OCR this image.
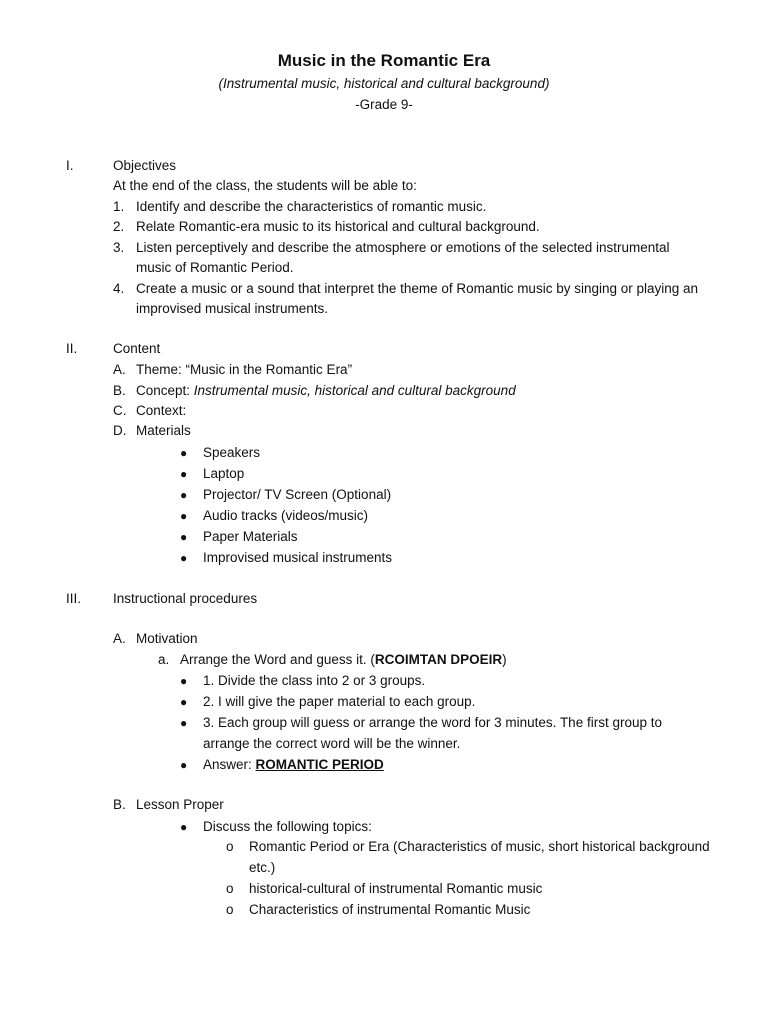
Music in the Romantic Era
(Instrumental music, historical and cultural background)
-Grade 9-
I.	Objectives
At the end of the class, the students will be able to:
1. Identify and describe the characteristics of romantic music.
2. Relate Romantic-era music to its historical and cultural background.
3. Listen perceptively and describe the atmosphere or emotions of the selected instrumental
music of Romantic Period.
4. Create a music or a sound that interpret the theme of Romantic music by singing or playing an
improvised musical instruments.
II.	Content
A. Theme: “Music in the Romantic Era”
B. Concept: Instrumental music, historical and cultural background
C. Context:
D. Materials
● Speakers
● Laptop
● Projector/ TV Screen (Optional)
● Audio tracks (videos/music)
● Paper Materials
● Improvised musical instruments
III. Instructional procedures
A. Motivation
a. Arrange the Word and guess it. (RCOIMTAN DPOEIR)
● 1. Divide the class into 2 or 3 groups.
● 2. I will give the paper material to each group.
● 3. Each group will guess or arrange the word for 3 minutes. The first group to
arrange the correct word will be the winner.
● Answer: ROMANTIC PERIOD
B. Lesson Proper
● Discuss the following topics:
o Romantic Period or Era (Characteristics of music, short historical background
etc.)
o historical-cultural of instrumental Romantic music
o Characteristics of instrumental Romantic Music
